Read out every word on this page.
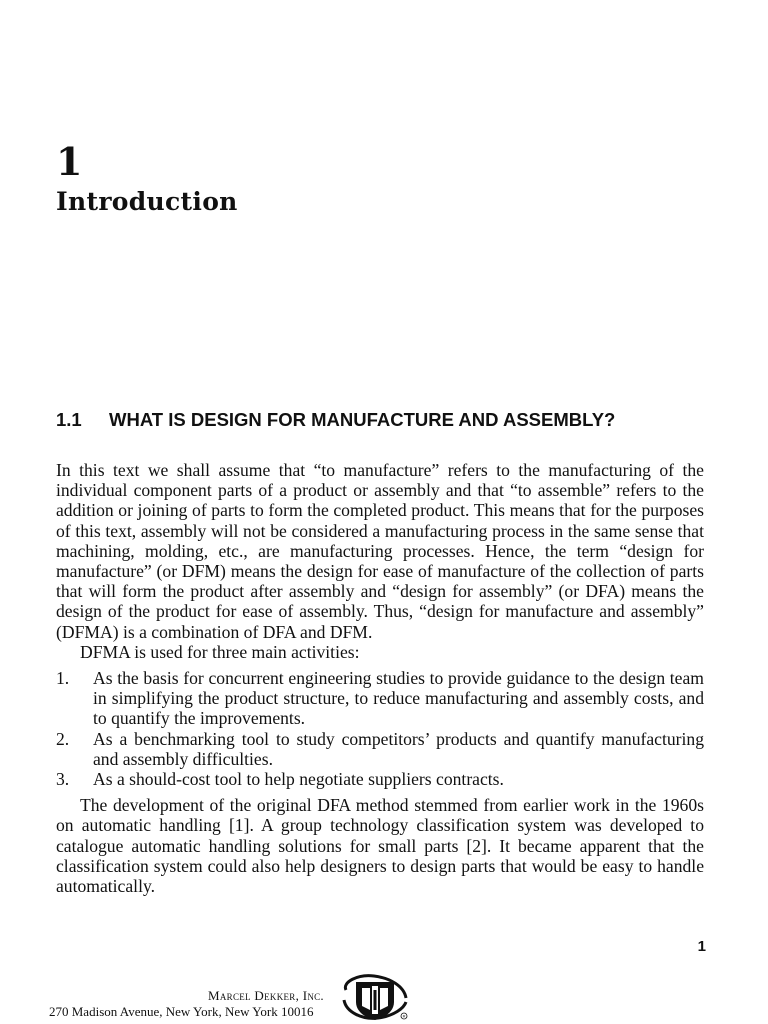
1
Introduction
1.1	WHAT IS DESIGN FOR MANUFACTURE AND ASSEMBLY?

In this text we shall assume that “to manufacture” refers to the manufacturing of the individual component parts of a product or assembly and that “to assemble” refers to the addition or joining of parts to form the completed product. This means that for the purposes of this text, assembly will not be considered a manufacturing process in the same sense that machining, molding, etc., are manufacturing processes. Hence, the term “design for manufacture” (or DFM) means the design for ease of manufacture of the collection of parts that will form the product after assembly and “design for assembly” (or DFA) means the design of the product for ease of assembly. Thus, “design for manufacture and assembly” (DFMA) is a combination of DFA and DFM.

DFMA is used for three main activities:

1. As the basis for concurrent engineering studies to provide guidance to the design team in simplifying the product structure, to reduce manufacturing and assembly costs, and to quantify the improvements.
2. As a benchmarking tool to study competitors’ products and quantify manufacturing and assembly difficulties.
3. As a should-cost tool to help negotiate suppliers contracts.

The development of the original DFA method stemmed from earlier work in the 1960s on automatic handling [1]. A group technology classification system was developed to catalogue automatic handling solutions for small parts [2]. It became apparent that the classification system could also help designers to design parts that would be easy to handle automatically.

1

Marcel Dekker, Inc.

270 Madison Avenue, New York, New York 10016	R
